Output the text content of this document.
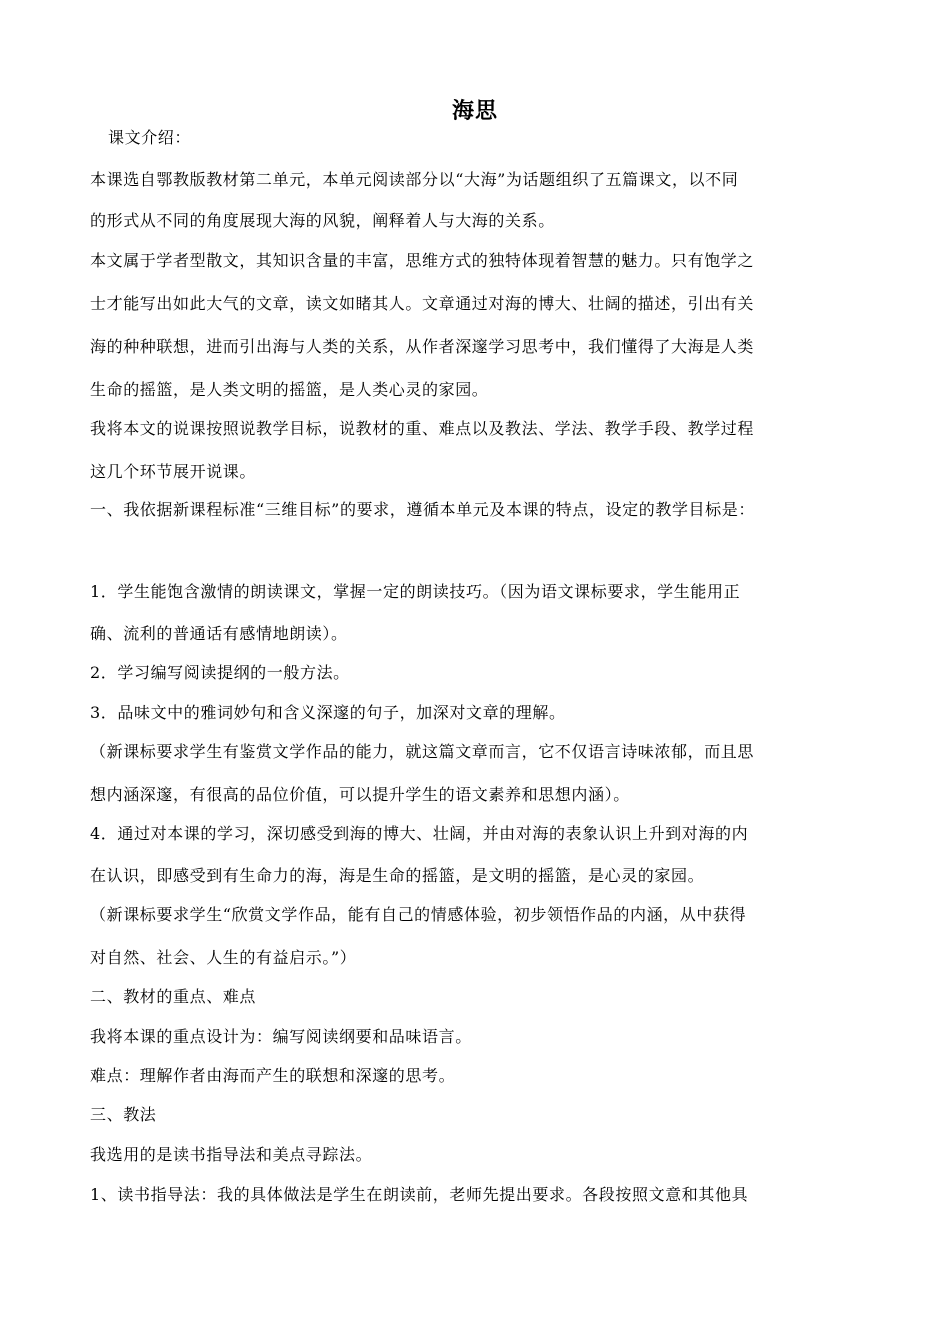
海思
课文介绍：
本课选自鄂教版教材第二单元，本单元阅读部分以“大海”为话题组织了五篇课文，以不同
的形式从不同的角度展现大海的风貌，阐释着人与大海的关系。
本文属于学者型散文，其知识含量的丰富，思维方式的独特体现着智慧的魅力。只有饱学之
士才能写出如此大气的文章，读文如睹其人。文章通过对海的博大、壮阔的描述，引出有关
海的种种联想，进而引出海与人类的关系，从作者深邃学习思考中，我们懂得了大海是人类
生命的摇篮，是人类文明的摇篮，是人类心灵的家园。
我将本文的说课按照说教学目标，说教材的重、难点以及教法、学法、教学手段、教学过程
这几个环节展开说课。
一、我依据新课程标准“三维目标”的要求，遵循本单元及本课的特点，设定的教学目标是：
1．学生能饱含激情的朗读课文，掌握一定的朗读技巧。（因为语文课标要求，学生能用正
确、流利的普通话有感情地朗读）。
2．学习编写阅读提纲的一般方法。
3．品味文中的雅词妙句和含义深邃的句子，加深对文章的理解。
（新课标要求学生有鉴赏文学作品的能力，就这篇文章而言，它不仅语言诗味浓郁，而且思
想内涵深邃，有很高的品位价值，可以提升学生的语文素养和思想内涵）。
4．通过对本课的学习，深切感受到海的博大、壮阔，并由对海的表象认识上升到对海的内
在认识，即感受到有生命力的海，海是生命的摇篮，是文明的摇篮，是心灵的家园。
（新课标要求学生“欣赏文学作品，能有自己的情感体验，初步领悟作品的内涵，从中获得
对自然、社会、人生的有益启示。”）
二、教材的重点、难点
我将本课的重点设计为：编写阅读纲要和品味语言。
难点：理解作者由海而产生的联想和深邃的思考。
三、教法
我选用的是读书指导法和美点寻踪法。
1、读书指导法：我的具体做法是学生在朗读前，老师先提出要求。各段按照文意和其他具
